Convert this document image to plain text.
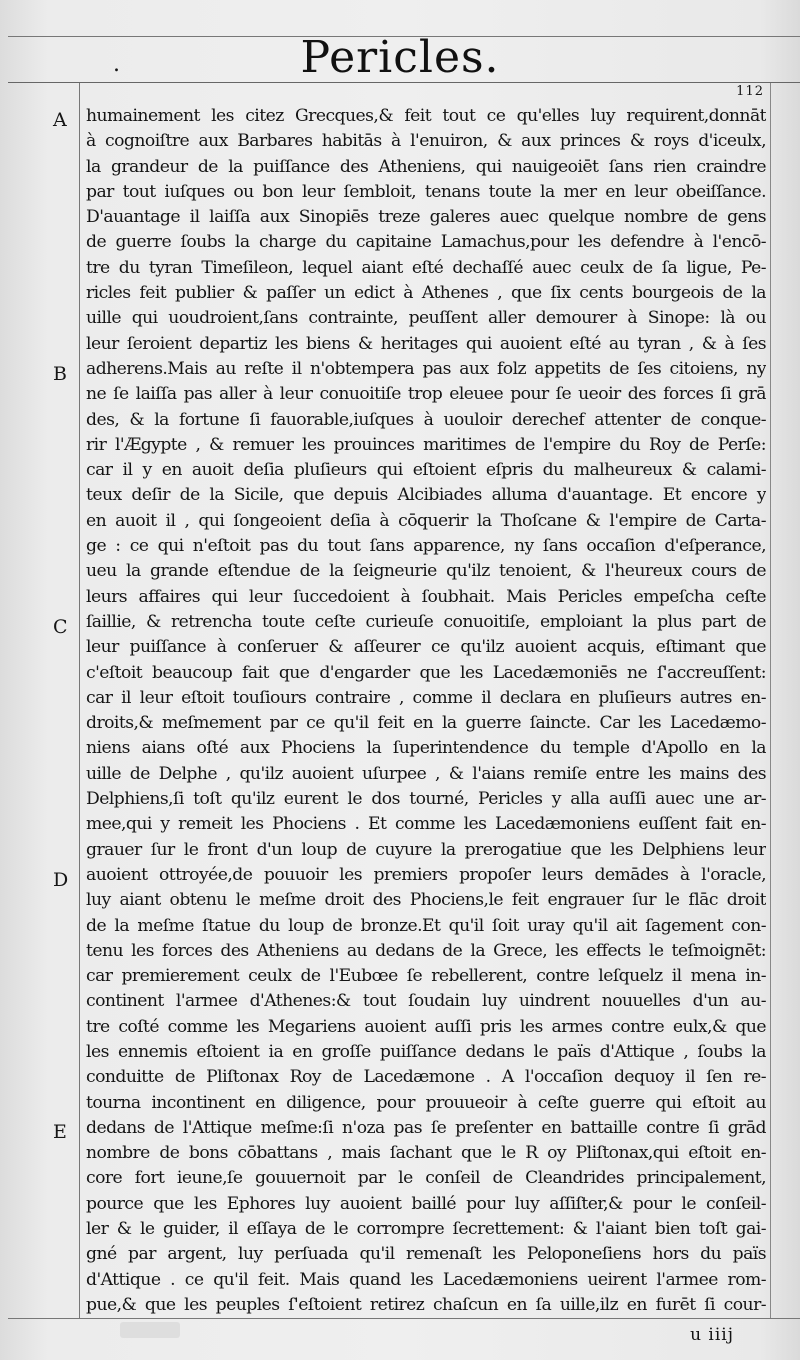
.	Pericles.
112
A
B
C
D
E
humainement les citez Grecques,& feit tout ce qu'elles luy requirent,donnāt
à cognoiſtre aux Barbares habitās à l'enuiron, & aux princes & roys d'iceulx,
la grandeur de la puiſſance des Atheniens, qui nauigeoiēt ſans rien craindre
par tout iuſques ou bon leur ſembloit, tenans toute la mer en leur obeiſſance.
D'auantage il laiſſa aux Sinopiēs treze galeres auec quelque nombre de gens
de guerre ſoubs la charge du capitaine Lamachus,pour les defendre à l'encō-
tre du tyran Timeſileon, lequel aiant eſté dechaſſé auec ceulx de ſa ligue, Pe-
ricles feit publier & paſſer un edict à Athenes , que ſix cents bourgeois de la
uille qui uoudroient,ſans contrainte, peuſſent aller demourer à Sinope: là ou
leur ſeroient departiz les biens & heritages qui auoient eſté au tyran , & à ſes
adherens.Mais au reſte il n'obtempera pas aux folz appetits de ſes citoiens, ny
ne ſe laiſſa pas aller à leur conuoitiſe trop eleuee pour ſe ueoir des forces ſi grā
des, & la fortune ſi fauorable,iuſques à uouloir derechef attenter de conque-
rir l'Ægypte , & remuer les prouinces maritimes de l'empire du Roy de Perſe:
car il y en auoit deſia pluſieurs qui eſtoient eſpris du malheureux & calami-
teux deſir de la Sicile, que depuis Alcibiades alluma d'auantage. Et encore y
en auoit il , qui ſongeoient deſia à cōquerir la Thoſcane & l'empire de Carta-
ge : ce qui n'eſtoit pas du tout ſans apparence, ny ſans occaſion d'eſperance,
ueu la grande eſtendue de la ſeigneurie qu'ilz tenoient, & l'heureux cours de
leurs affaires qui leur ſuccedoient à ſoubhait. Mais Pericles empeſcha ceſte
ſaillie, & retrencha toute ceſte curieuſe conuoitiſe, emploiant la plus part de
leur puiſſance à conſeruer & aſſeurer ce qu'ilz auoient acquis, eſtimant que
c'eſtoit beaucoup fait que d'engarder que les Lacedæmoniēs ne ſ'accreuſſent:
car il leur eſtoit touſiours contraire , comme il declara en pluſieurs autres en-
droits,& meſmement par ce qu'il feit en la guerre ſaincte. Car les Lacedæmo-
niens aians oſté aux Phociens la ſuperintendence du temple d'Apollo en la
uille de Delphe , qu'ilz auoient uſurpee , & l'aians remiſe entre les mains des
Delphiens,ſi toſt qu'ilz eurent le dos tourné, Pericles y alla auſſi auec une ar-
mee,qui y remeit les Phociens . Et comme les Lacedæmoniens euſſent fait en-
grauer ſur le front d'un loup de cuyure la prerogatiue que les Delphiens leur
auoient ottroyée,de pouuoir les premiers propoſer leurs demādes à l'oracle,
luy aiant obtenu le meſme droit des Phociens,le feit engrauer ſur le flāc droit
de la meſme ſtatue du loup de bronze.Et qu'il ſoit uray qu'il ait ſagement con-
tenu les forces des Atheniens au dedans de la Grece, les effects le teſmoignēt:
car premierement ceulx de l'Eubœe ſe rebellerent, contre leſquelz il mena in-
continent l'armee d'Athenes:& tout ſoudain luy uindrent nouuelles d'un au-
tre coſté comme les Megariens auoient auſſi pris les armes contre eulx,& que
les ennemis eſtoient ia en groſſe puiſſance dedans le païs d'Attique , ſoubs la
conduitte de Pliſtonax Roy de Lacedæmone . A l'occaſion dequoy il ſen re-
tourna incontinent en diligence, pour prouueoir à ceſte guerre qui eſtoit au
dedans de l'Attique meſme:ſi n'oza pas ſe preſenter en battaille contre ſi grād
nombre de bons cōbattans , mais ſachant que le R oy Pliſtonax,qui eſtoit en-
core fort ieune,ſe gouuernoit par le conſeil de Cleandrides principalement,
pource que les Ephores luy auoient baillé pour luy aſſiſter,& pour le conſeil-
ler & le guider, il eſſaya de le corrompre ſecrettement: & l'aiant bien toſt gai-
gné par argent, luy perſuada qu'il remenaſt les Peloponeſiens hors du païs
d'Attique . ce qu'il feit. Mais quand les Lacedæmoniens ueirent l'armee rom-
pue,& que les peuples ſ'eſtoient retirez chaſcun en ſa uille,ilz en furēt ſi cour-
u iiij
